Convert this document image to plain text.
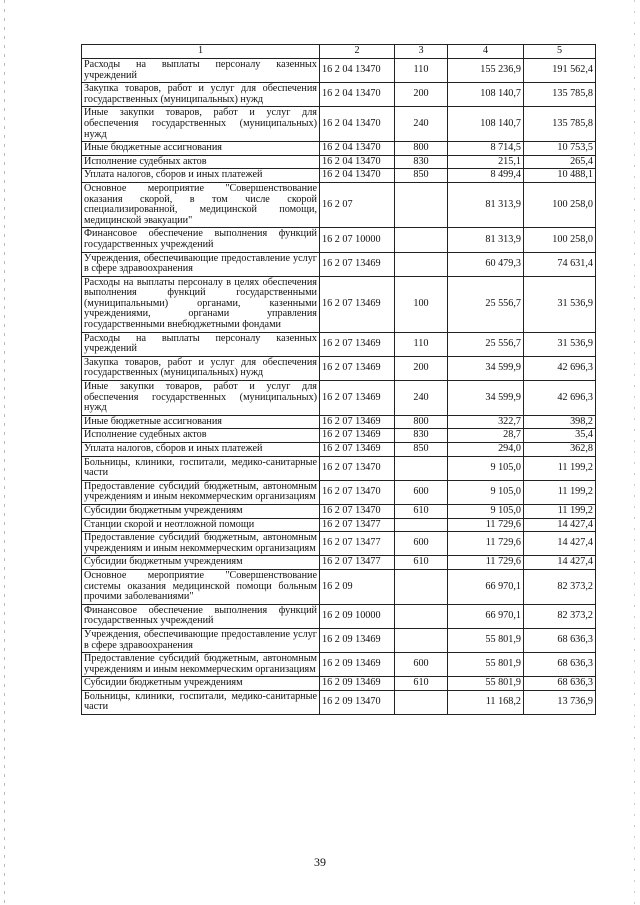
1	2	3	4	5
Расходы на выплаты персоналу казенных учреждений	16 2 04 13470	110	155 236,9	191 562,4
Закупка товаров, работ и услуг для обеспечения государственных (муниципальных) нужд	16 2 04 13470	200	108 140,7	135 785,8
Иные закупки товаров, работ и услуг для обеспечения государственных (муниципальных) нужд	16 2 04 13470	240	108 140,7	135 785,8
Иные бюджетные ассигнования	16 2 04 13470	800	8 714,5	10 753,5
Исполнение судебных актов	16 2 04 13470	830	215,1	265,4
Уплата налогов, сборов и иных платежей	16 2 04 13470	850	8 499,4	10 488,1
Основное мероприятие "Совершенствование оказания скорой, в том числе скорой специализированной, медицинской помощи, медицинской эвакуации"	16 2 07		81 313,9	100 258,0
Финансовое обеспечение выполнения функций государственных учреждений	16 2 07 10000		81 313,9	100 258,0
Учреждения, обеспечивающие предоставление услуг в сфере здравоохранения	16 2 07 13469		60 479,3	74 631,4
Расходы на выплаты персоналу в целях обеспечения выполнения функций государственными (муниципальными) органами, казенными учреждениями, органами управления государственными внебюджетными фондами	16 2 07 13469	100	25 556,7	31 536,9
Расходы на выплаты персоналу казенных учреждений	16 2 07 13469	110	25 556,7	31 536,9
Закупка товаров, работ и услуг для обеспечения государственных (муниципальных) нужд	16 2 07 13469	200	34 599,9	42 696,3
Иные закупки товаров, работ и услуг для обеспечения государственных (муниципальных) нужд	16 2 07 13469	240	34 599,9	42 696,3
Иные бюджетные ассигнования	16 2 07 13469	800	322,7	398,2
Исполнение судебных актов	16 2 07 13469	830	28,7	35,4
Уплата налогов, сборов и иных платежей	16 2 07 13469	850	294,0	362,8
Больницы, клиники, госпитали, медико-санитарные части	16 2 07 13470		9 105,0	11 199,2
Предоставление субсидий бюджетным, автономным учреждениям и иным некоммерческим организациям	16 2 07 13470	600	9 105,0	11 199,2
Субсидии бюджетным учреждениям	16 2 07 13470	610	9 105,0	11 199,2
Станции скорой и неотложной помощи	16 2 07 13477		11 729,6	14 427,4
Предоставление субсидий бюджетным, автономным учреждениям и иным некоммерческим организациям	16 2 07 13477	600	11 729,6	14 427,4
Субсидии бюджетным учреждениям	16 2 07 13477	610	11 729,6	14 427,4
Основное мероприятие "Совершенствование системы оказания медицинской помощи больным прочими заболеваниями"	16 2 09		66 970,1	82 373,2
Финансовое обеспечение выполнения функций государственных учреждений	16 2 09 10000		66 970,1	82 373,2
Учреждения, обеспечивающие предоставление услуг в сфере здравоохранения	16 2 09 13469		55 801,9	68 636,3
Предоставление субсидий бюджетным, автономным учреждениям и иным некоммерческим организациям	16 2 09 13469	600	55 801,9	68 636,3
Субсидии бюджетным учреждениям	16 2 09 13469	610	55 801,9	68 636,3
Больницы, клиники, госпитали, медико-санитарные части	16 2 09 13470		11 168,2	13 736,9
39
